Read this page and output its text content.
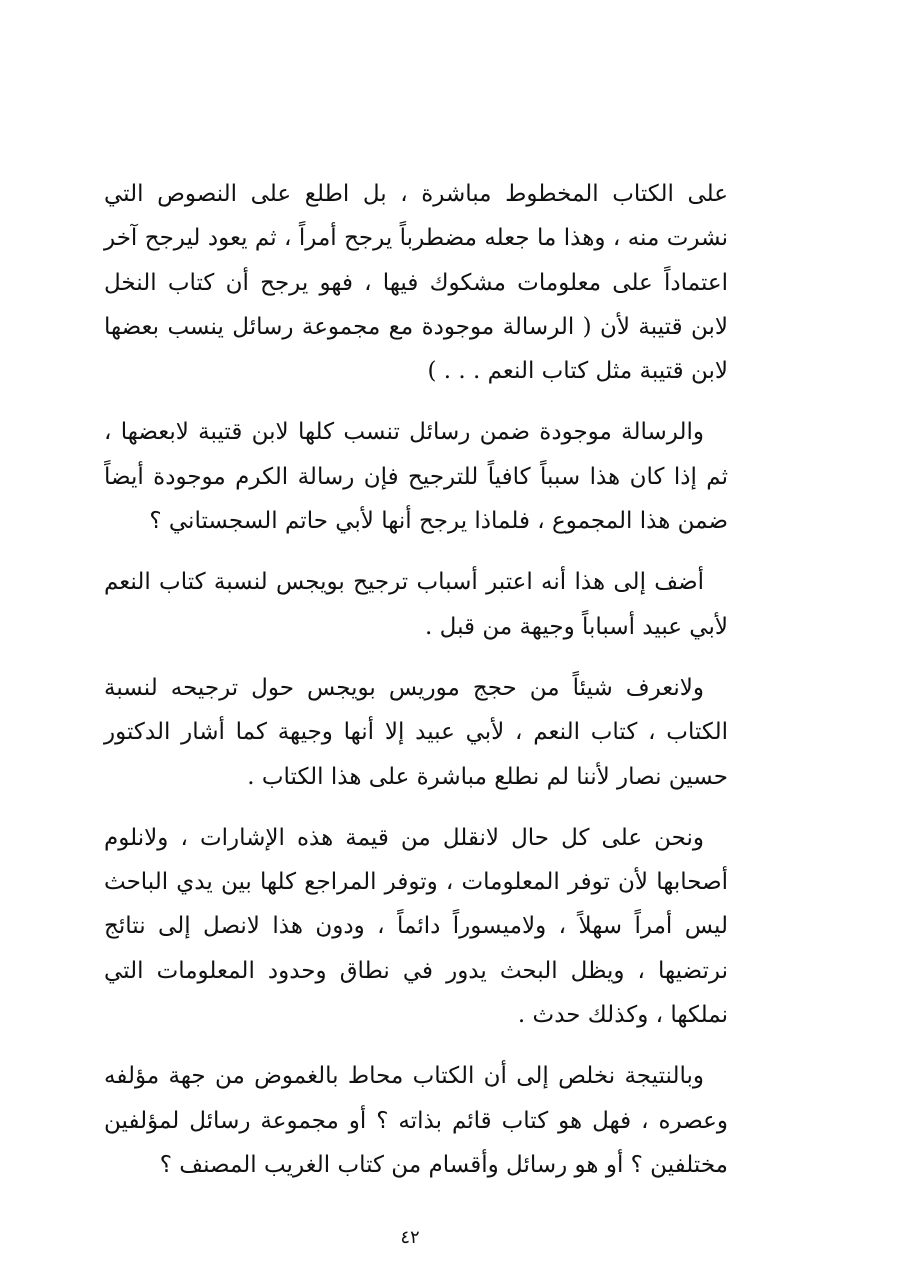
على الكتاب المخطوط مباشرة ، بل اطلع على النصوص التي نشرت منه ، وهذا ما جعله مضطرباً يرجح أمراً ، ثم يعود ليرجح آخر اعتماداً على معلومات مشكوك فيها ، فهو يرجح أن كتاب النخل لابن قتيبة لأن ( الرسالة موجودة مع مجموعة رسائل ينسب بعضها لابن قتيبة مثل كتاب النعم . . . )

والرسالة موجودة ضمن رسائل تنسب كلها لابن قتيبة لابعضها ، ثم إذا كان هذا سبباً كافياً للترجيح فإن رسالة الكرم موجودة أيضاً ضمن هذا المجموع ، فلماذا يرجح أنها لأبي حاتم السجستاني ؟

أضف إلى هذا أنه اعتبر أسباب ترجيح بويجس لنسبة كتاب النعم لأبي عبيد أسباباً وجيهة من قبل .

ولانعرف شيئاً من حجج موريس بويجس حول ترجيحه لنسبة الكتاب ، كتاب النعم ، لأبي عبيد إلا أنها وجيهة كما أشار الدكتور حسين نصار لأننا لم نطلع مباشرة على هذا الكتاب .

ونحن على كل حال لانقلل من قيمة هذه الإشارات ، ولانلوم أصحابها لأن توفر المعلومات ، وتوفر المراجع كلها بين يدي الباحث ليس أمراً سهلاً ، ولاميسوراً دائماً ، ودون هذا لانصل إلى نتائج نرتضيها ، ويظل البحث يدور في نطاق وحدود المعلومات التي نملكها ، وكذلك حدث .

وبالنتيجة نخلص إلى أن الكتاب محاط بالغموض من جهة مؤلفه وعصره ، فهل هو كتاب قائم بذاته ؟ أو مجموعة رسائل لمؤلفين مختلفين ؟ أو هو رسائل وأقسام من كتاب الغريب المصنف ؟

٤٢
